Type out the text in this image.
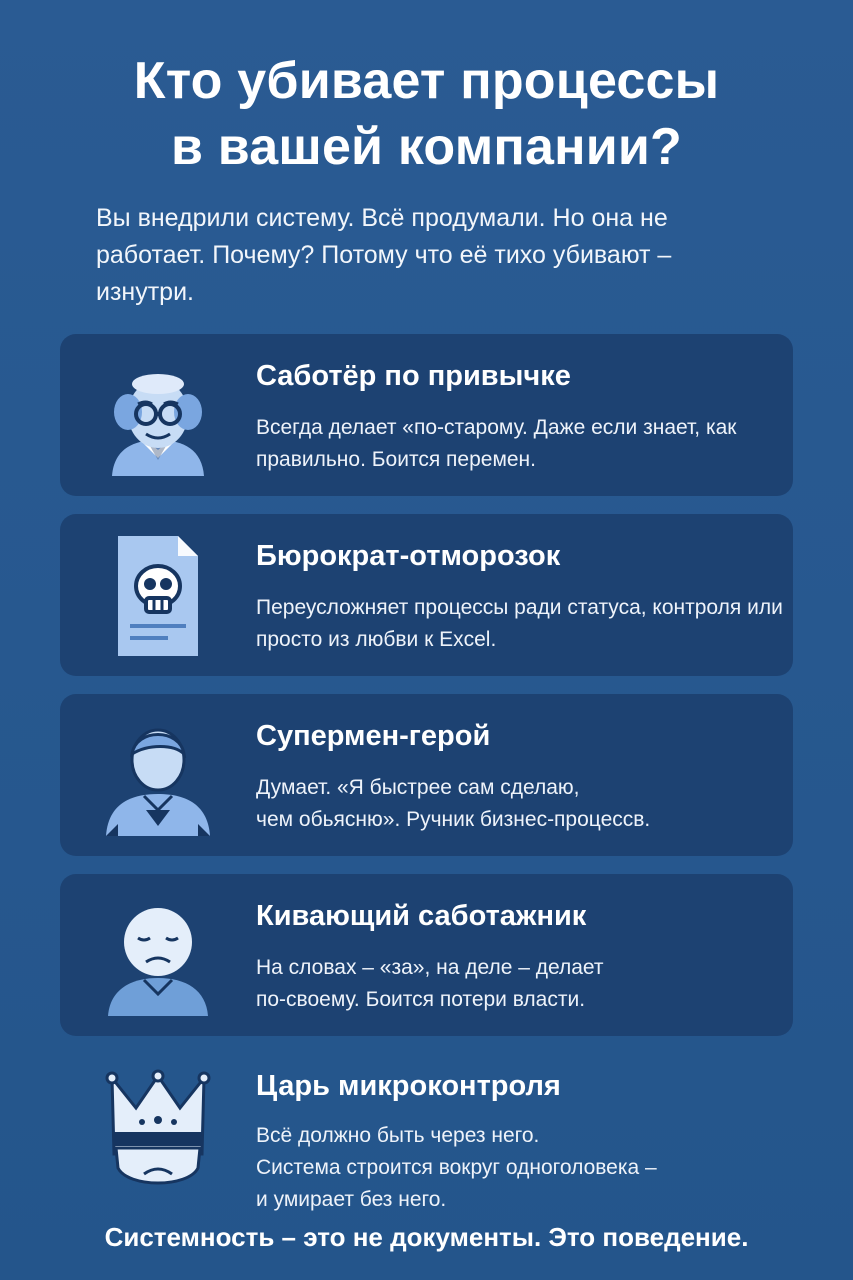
Кто убивает процессы
в вашей компании?
Вы внедрили систему. Всё продумали. Но она не работает. Почему? Потому что её тихо убивают – изнутри.
Саботёр по привычке
Всегда делает «по-старому. Даже если знает, как правильно. Боится перемен.
Бюрократ-отморозок
Переусложняет процессы ради статуса, контроля или просто из любви к Excel.
Супермен-герой
Думает. «Я быстрее сам сделаю,
чем обьясню». Ручник бизнес-процессв.
Кивающий саботажник
На словах – «за», на деле – делает
по-своему. Боится потери власти.
Царь микроконтроля
Всё должно быть через него.
Система строится вокруг одноголовека –
и умирает без него.
Системность – это не документы. Это поведение.
